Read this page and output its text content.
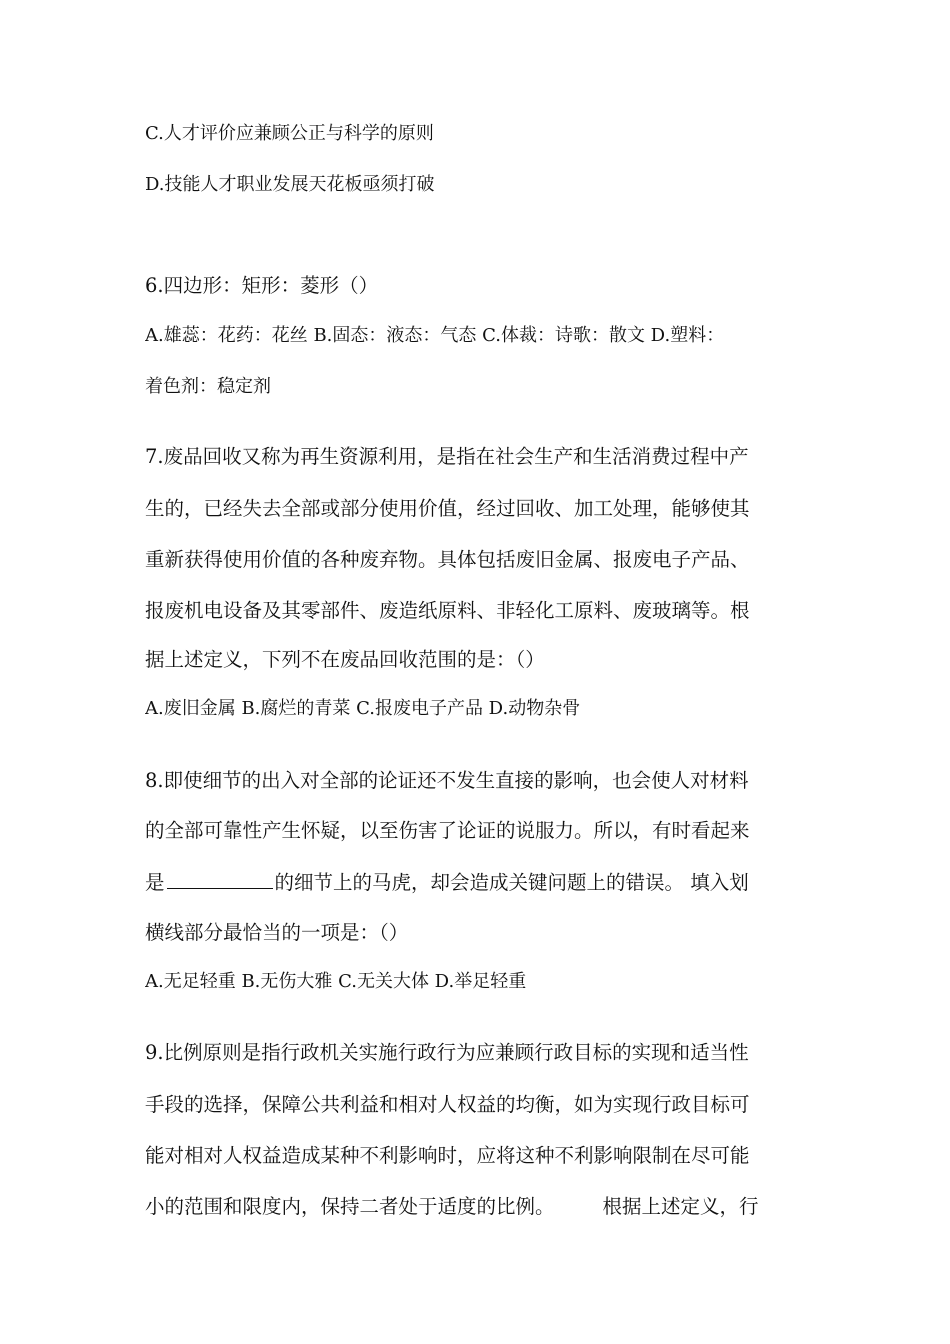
C.人才评价应兼顾公正与科学的原则
D.技能人才职业发展天花板亟须打破
6.四边形：矩形：菱形（）
A.雄蕊：花药：花丝 B.固态：液态：气态 C.体裁：诗歌：散文 D.塑料：
着色剂：稳定剂
7.废品回收又称为再生资源利用，是指在社会生产和生活消费过程中产
生的，已经失去全部或部分使用价值，经过回收、加工处理，能够使其
重新获得使用价值的各种废弃物。具体包括废旧金属、报废电子产品、
报废机电设备及其零部件、废造纸原料、非轻化工原料、废玻璃等。根
据上述定义，下列不在废品回收范围的是：（）
A.废旧金属 B.腐烂的青菜 C.报废电子产品 D.动物杂骨
8.即使细节的出入对全部的论证还不发生直接的影响，也会使人对材料
的全部可靠性产生怀疑，以至伤害了论证的说服力。所以，有时看起来
是	的细节上的马虎，却会造成关键问题上的错误。 填入划
横线部分最恰当的一项是：（）
A.无足轻重 B.无伤大雅 C.无关大体 D.举足轻重
9.比例原则是指行政机关实施行政行为应兼顾行政目标的实现和适当性
手段的选择，保障公共利益和相对人权益的均衡，如为实现行政目标可
能对相对人权益造成某种不利影响时，应将这种不利影响限制在尽可能
小的范围和限度内，保持二者处于适度的比例。 根据上述定义，行
